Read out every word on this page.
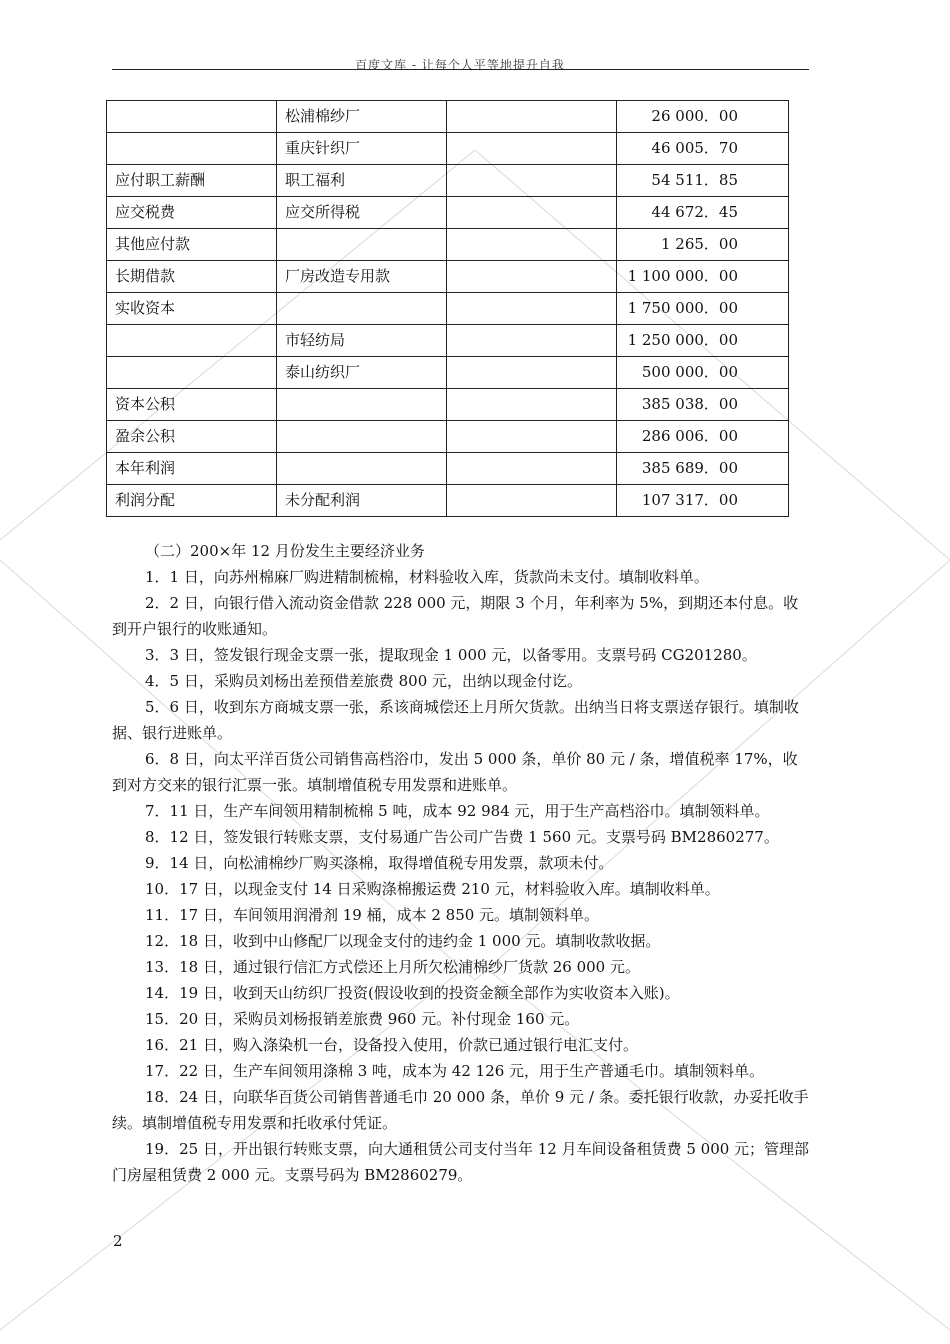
百度文库 - 让每个人平等地提升自我
	松浦棉纱厂		26 000．00
	重庆针织厂		46 005．70
应付职工薪酬	职工福利		54 511．85
应交税费	应交所得税		44 672．45
其他应付款			1 265．00
长期借款	厂房改造专用款		1 100 000．00
实收资本			1 750 000．00
	市轻纺局		1 250 000．00
	泰山纺织厂		500 000．00
资本公积			385 038．00
盈余公积			286 006．00
本年利润			385 689．00
利润分配	未分配利润		107 317．00

（二）200×年 12 月份发生主要经济业务

1．1 日，向苏州棉麻厂购进精制梳棉，材料验收入库，货款尚未支付。填制收料单。

2．2 日，向银行借入流动资金借款 228 000 元，期限 3 个月，年利率为 5%，到期还本付息。收到开户银行的收账通知。

3．3 日，签发银行现金支票一张，提取现金 1 000 元，以备零用。支票号码 CG201280。

4．5 日，采购员刘杨出差预借差旅费 800 元，出纳以现金付讫。

5．6 日，收到东方商城支票一张，系该商城偿还上月所欠货款。出纳当日将支票送存银行。填制收据、银行进账单。

6．8 日，向太平洋百货公司销售高档浴巾，发出 5 000 条，单价 80 元 / 条，增值税率 17%，收到对方交来的银行汇票一张。填制增值税专用发票和进账单。

7．11 日，生产车间领用精制梳棉 5 吨，成本 92 984 元，用于生产高档浴巾。填制领料单。

8．12 日，签发银行转账支票，支付易通广告公司广告费 1 560 元。支票号码 BM2860277。

9．14 日，向松浦棉纱厂购买涤棉，取得增值税专用发票，款项未付。

10．17 日，以现金支付 14 日采购涤棉搬运费 210 元，材料验收入库。填制收料单。

11．17 日，车间领用润滑剂 19 桶，成本 2 850 元。填制领料单。

12．18 日，收到中山修配厂以现金支付的违约金 1 000 元。填制收款收据。

13．18 日，通过银行信汇方式偿还上月所欠松浦棉纱厂货款 26 000 元。

14．19 日，收到天山纺织厂投资(假设收到的投资金额全部作为实收资本入账)。

15．20 日，采购员刘杨报销差旅费 960 元。补付现金 160 元。

16．21 日，购入涤染机一台，设备投入使用，价款已通过银行电汇支付。

17．22 日，生产车间领用涤棉 3 吨，成本为 42 126 元，用于生产普通毛巾。填制领料单。

18．24 日，向联华百货公司销售普通毛巾 20 000 条，单价 9 元 / 条。委托银行收款，办妥托收手续。填制增值税专用发票和托收承付凭证。

19．25 日，开出银行转账支票，向大通租赁公司支付当年 12 月车间设备租赁费 5 000 元；管理部门房屋租赁费 2 000 元。支票号码为 BM2860279。

2
